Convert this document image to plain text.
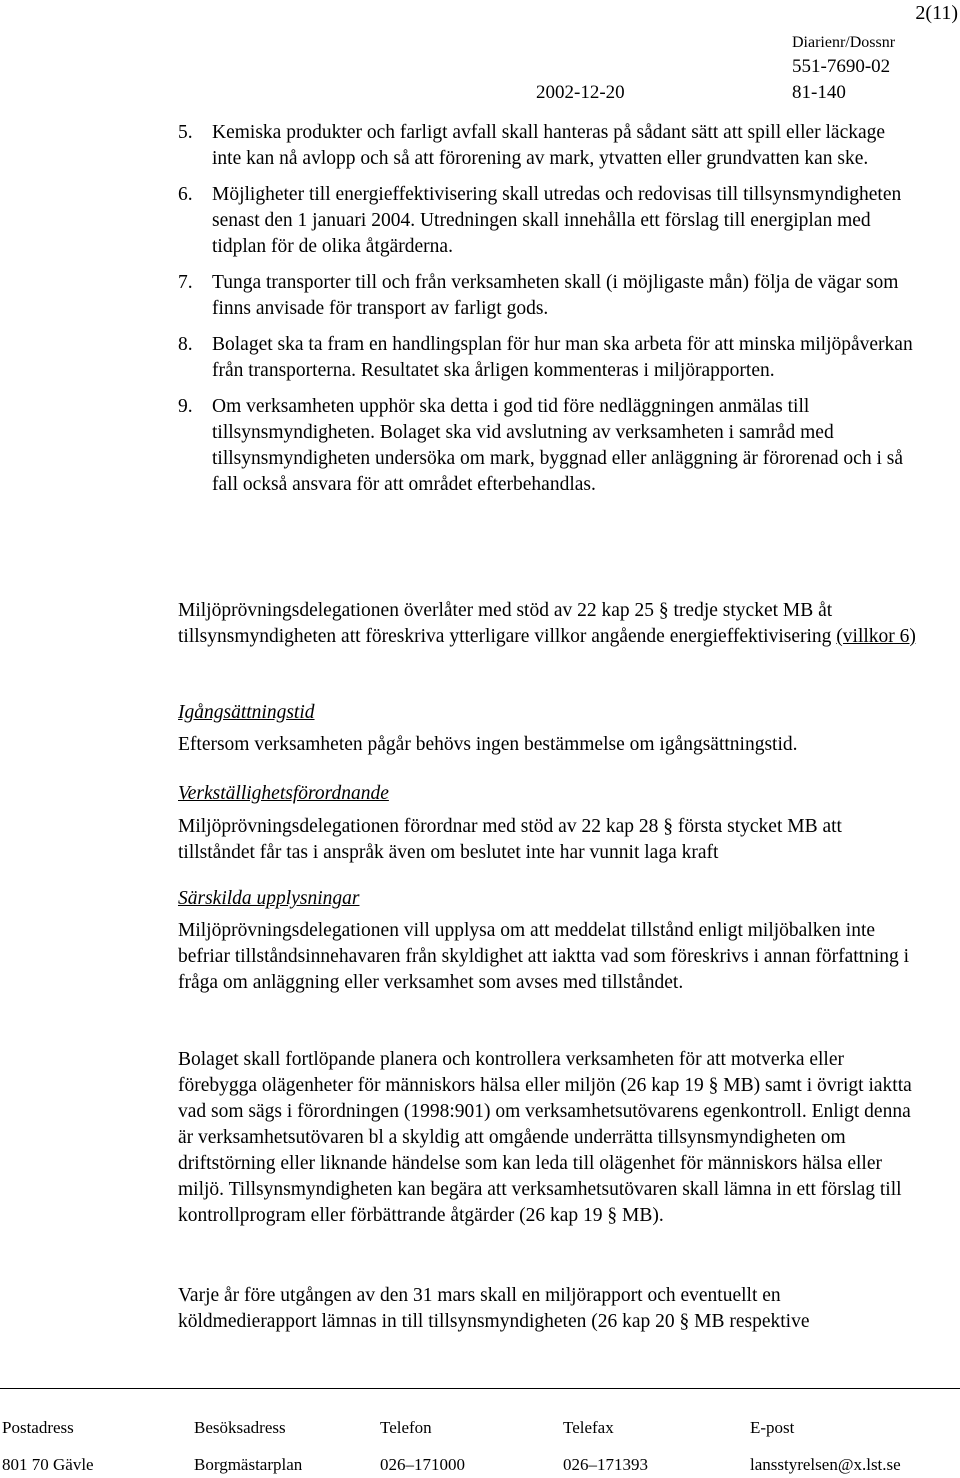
2(11)
Diarienr/Dossnr
551-7690-02
2002-12-20	81-140
5. Kemiska produkter och farligt avfall skall hanteras på sådant sätt att spill eller läckage inte kan nå avlopp och så att förorening av mark, ytvatten eller grundvatten kan ske.
6. Möjligheter till energieffektivisering skall utredas och redovisas till tillsynsmyndigheten senast den 1 januari 2004. Utredningen skall innehålla ett förslag till energiplan med tidplan för de olika åtgärderna.
7. Tunga transporter till och från verksamheten skall (i möjligaste mån) följa de vägar som finns anvisade för transport av farligt gods.
8. Bolaget ska ta fram en handlingsplan för hur man ska arbeta för att minska miljöpåverkan från transporterna. Resultatet ska årligen kommenteras i miljörapporten.
9. Om verksamheten upphör ska detta i god tid före nedläggningen anmälas till tillsynsmyndigheten. Bolaget ska vid avslutning av verksamheten i samråd med tillsynsmyndigheten undersöka om mark, byggnad eller anläggning är förorenad och i så fall också ansvara för att området efterbehandlas.

Miljöprövningsdelegationen överlåter med stöd av 22 kap 25 § tredje stycket MB åt tillsynsmyndigheten att föreskriva ytterligare villkor angående energieffektivisering (villkor 6)

Igångsättningstid

Eftersom verksamheten pågår behövs ingen bestämmelse om igångsättningstid.

Verkställighetsförordnande

Miljöprövningsdelegationen förordnar med stöd av 22 kap 28 § första stycket MB att tillståndet får tas i anspråk även om beslutet inte har vunnit laga kraft

Särskilda upplysningar

Miljöprövningsdelegationen vill upplysa om att meddelat tillstånd enligt miljöbalken inte befriar tillståndsinnehavaren från skyldighet att iaktta vad som föreskrivs i annan författning i fråga om anläggning eller verksamhet som avses med tillståndet.

Bolaget skall fortlöpande planera och kontrollera verksamheten för att motverka eller förebygga olägenheter för människors hälsa eller miljön (26 kap 19 § MB) samt i övrigt iaktta vad som sägs i förordningen (1998:901) om verksamhetsutövarens egenkontroll. Enligt denna är verksamhetsutövaren bl a skyldig att omgående underrätta tillsynsmyndigheten om driftstörning eller liknande händelse som kan leda till olägenhet för människors hälsa eller miljö. Tillsynsmyndigheten kan begära att verksamhetsutövaren skall lämna in ett förslag till kontrollprogram eller förbättrande åtgärder (26 kap 19 § MB).

Varje år före utgången av den 31 mars skall en miljörapport och eventuellt en köldmedierapport lämnas in till tillsynsmyndigheten (26 kap 20 § MB respektive

Postadress	Besöksadress	Telefon	Telefax	E-post
801 70 Gävle	Borgmästarplan	026–171000	026–171393	lansstyrelsen@x.lst.se
